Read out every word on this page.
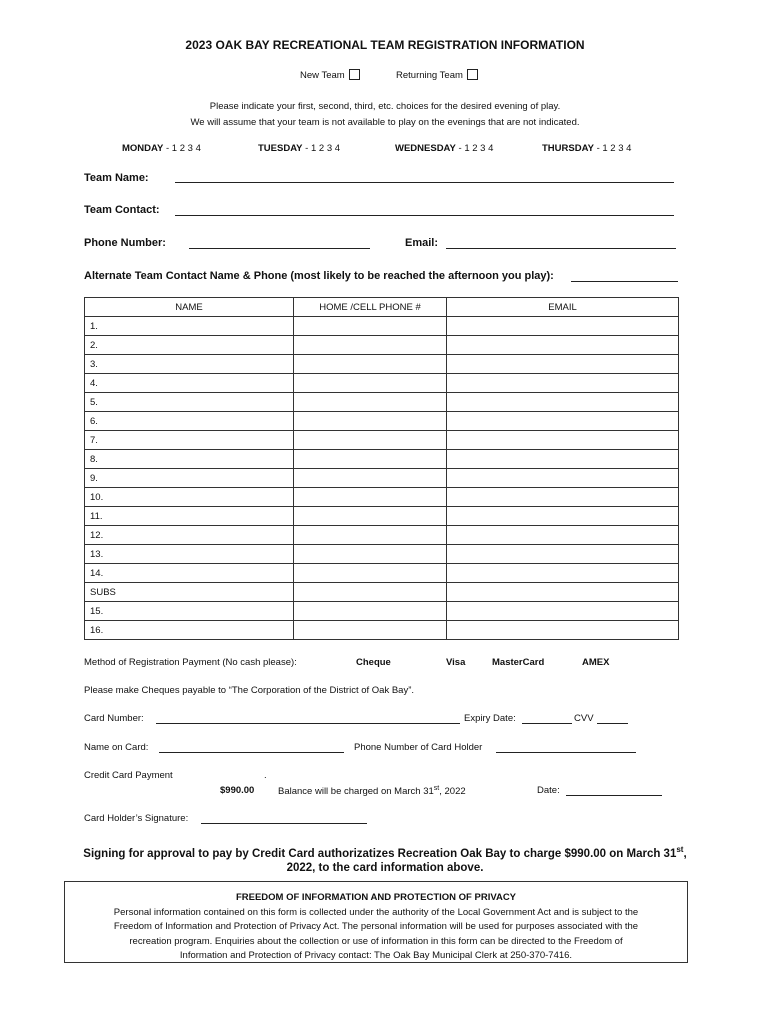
2023 OAK BAY RECREATIONAL TEAM REGISTRATION INFORMATION
New Team	Returning Team
Please indicate your first, second, third, etc. choices for the desired evening of play.
We will assume that your team is not available to play on the evenings that are not indicated.
MONDAY - 1 2 3 4	TUESDAY - 1 2 3 4	WEDNESDAY - 1 2 3 4	THURSDAY - 1 2 3 4
Team Name:
Team Contact:
Phone Number:	Email:
Alternate Team Contact Name & Phone (most likely to be reached the afternoon you play):
NAME	HOME /CELL PHONE #	EMAIL
1.		
2.		
3.		
4.		
5.		
6.		
7.		
8.		
9.		
10.		
11.		
12.		
13.		
14.		
SUBS		
15.		
16.		
Method of Registration Payment (No cash please):	Cheque	Visa	MasterCard	AMEX
Please make Cheques payable to “The Corporation of the District of Oak Bay”.
Card Number:	Expiry Date:	CVV
Name on Card:	Phone Number of Card Holder
Credit Card Payment	.
$990.00 Balance will be charged on March 31st, 2022	Date:
Card Holder’s Signature:
Signing for approval to pay by Credit Card authorizatizes Recreation Oak Bay to charge $990.00 on March 31st,
2022, to the card information above.
FREEDOM OF INFORMATION AND PROTECTION OF PRIVACY
Personal information contained on this form is collected under the authority of the Local Government Act and is subject to the
Freedom of Information and Protection of Privacy Act. The personal information will be used for purposes associated with the
recreation program. Enquiries about the collection or use of information in this form can be directed to the Freedom of
Information and Protection of Privacy contact: The Oak Bay Municipal Clerk at 250-370-7416.
